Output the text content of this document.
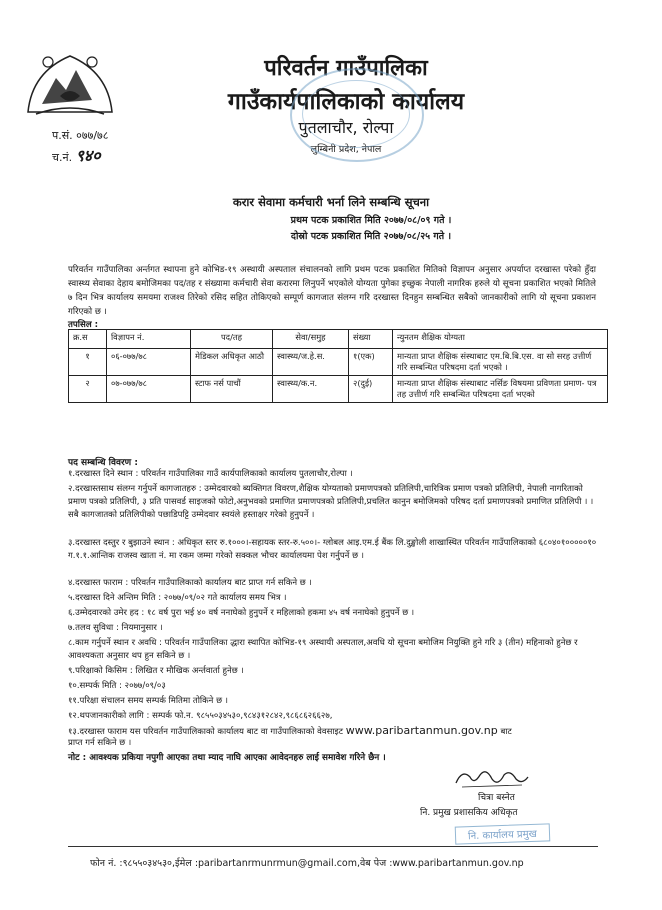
परिवर्तन गाउँपालिका
गाउँकार्यपालिकाको कार्यालय
पुतलाचौर, रोल्पा
लुम्बिनी प्रदेश, नेपाल
प.सं. ०७७/७८
च.नं. ९४०
करार सेवामा कर्मचारी भर्ना लिने सम्बन्धि सूचना
प्रथम पटक प्रकाशित मिति २०७७/०८/०९ गते ।
दोस्रो पटक प्रकाशित मिति २०७७/०८/२५ गते ।
परिवर्तन गाउँपालिका अर्न्तगत स्थापना हुने कोभिड-१९ अस्थायी अस्पताल संचालनको लागि प्रथम पटक प्रकाशित मितिको विज्ञापन अनुसार अपर्याप्त दरखास्त परेको हुँदा स्वास्थ्य सेवाका देहाय बमोजिमका पद/तह र संख्यामा कर्मचारी सेवा करारमा लिनुपर्ने भएकोले योग्यता पुगेका इच्छुक नेपाली नागरिक हरुले यो सूचना प्रकाशित भएको मितिले ७ दिन भित्र कार्यालय समयमा राजश्व तिरेको रसिद सहित तोकिएको सम्पूर्ण कागजात संलग्न गरि दरखास्त दिनहुन सम्बन्धित सबैको जानकारीको लागि यो सूचना प्रकाशन गरिएको छ ।
तपसिल :
क्र.स	विज्ञापन नं.	पद/तह	सेवा/समुह	संख्या	न्युनतम शैक्षिक योग्यता
१	०६-०७७/७८	मेडिकल अधिकृत आठौ	स्वास्थ्य/ज.हे.स.	१(एक)	मान्यता प्राप्त शैक्षिक संस्थाबाट एम.बि.बि.एस. वा सो सरह उत्तीर्ण गरि सम्बन्धित परिषदमा दर्ता भएको ।
२	०७-०७७/७८	स्टाफ नर्स पाचौं	स्वास्थ्य/क.न.	२(दुई)	मान्यता प्राप्त शैक्षिक संस्थाबाट नर्सिङ विषयमा प्रविणता प्रमाण- पत्र तह उत्तीर्ण गरि सम्बन्धित परिषदमा दर्ता भएको
पद सम्बन्धि विवरण :
१.दरखास्त दिने स्थान : परिवर्तन गाउँपालिका गाउँ कार्यपालिकाको कार्यालय पुतलाचौर,रोल्पा ।
२.दरखास्तसाथ संलग्न गर्नुपर्ने कागजातहरु : उम्मेदवारको ब्यक्तिगत विवरण,शैक्षिक योग्यताको प्रमाणपत्रको प्रतिलिपी,चारित्रिक प्रमाण पत्रको प्रतिलिपी, नेपाली नागरिताको प्रमाण पत्रको प्रतिलिपी, ३ प्रति पासवर्ड साइजको फोटो,अनुभवको प्रमाणित प्रमाणपत्रको प्रतिलिपी,प्रचलित कानुन बमोजिमको परिषद दर्ता प्रमाणपत्रको प्रमाणित प्रतिलिपी । । सबै कागजातको प्रतिलिपीको पछाडिपट्टि उम्मेदवार स्वयंले हस्ताक्षर गरेको हुनुपर्ने ।
३.दरखास्त दस्तुर र बुझाउने स्थान : अधिकृत स्तर रु.१०००।-सहायक स्तर-रु.५००।- ग्लोबल आइ.एम.ई बैंक लि.दुङ्खोली शाखास्थित परिवर्तन गाउँपालिकाको ६८०४०१०००००१० ग.१.१.आन्तिक राजस्व खाता नं. मा रकम जम्मा गरेको सक्कल भौचर कार्यालयमा पेश गर्नुपर्ने छ ।
४.दरखास्त फाराम : परिवर्तन गाउँपालिकाको कार्यालय बाट प्राप्त गर्न सकिने छ ।
५.दरखास्त दिने अन्तिम मिति : २०७७/०९/०२ गते कार्यालय समय भित्र ।
६.उम्मेदवारको उमेर हद : १८ वर्ष पुरा भई ४० वर्ष ननाघेको हुनुपर्ने र महिलाको हकमा ४५ वर्ष ननाघेको हुनुपर्ने छ ।
७.तलव सुविधा : नियमानुसार ।
८.काम गर्नुपर्ने स्थान र अवधि : परिवर्तन गाउँपालिका द्धारा स्थापित कोभिड-१९ अस्थायी अस्पताल,अवधि यो सूचना बमोजिम नियुक्ति हुने गरि ३ (तीन) महिनाको हुनेछ र आवश्यकता अनुसार थप हुन सकिने छ ।
९.परिक्षाको किसिम : लिखित र मौखिक अर्न्तवार्ता हुनेछ ।
१०.सम्पर्क मिति : २०७७/०९/०३
११.परिक्षा संचालन समय सम्पर्क मितिमा तोकिने छ ।
१२.थपजानकारीको लागि : सम्पर्क फो.न. ९८५५०३४५३०,९८४३१२८४२,९८६८६२६६२७,
१३.दरखास्त फाराम यस परिवर्तन गाउँपालिकाको कार्यालय बाट वा गाउँपालिकाको वेवसाइट www.paribartanmun.gov.np बाट
प्राप्त गर्न सकिने छ ।
नोट : आवश्यक प्रकिया नपुगी आएका तथा म्याद नाघि आएका आवेदनहरु लाई समावेश गरिने छैन ।
चित्रा बस्नेत
नि. प्रमुख प्रशासकिय अधिकृत
नि. कार्यालय प्रमुख
फोन नं. :९८५५०३४५३०,ईमेल :paribartanrmunrmun@gmail.com,वेब पेज :www.paribartanmun.gov.np
